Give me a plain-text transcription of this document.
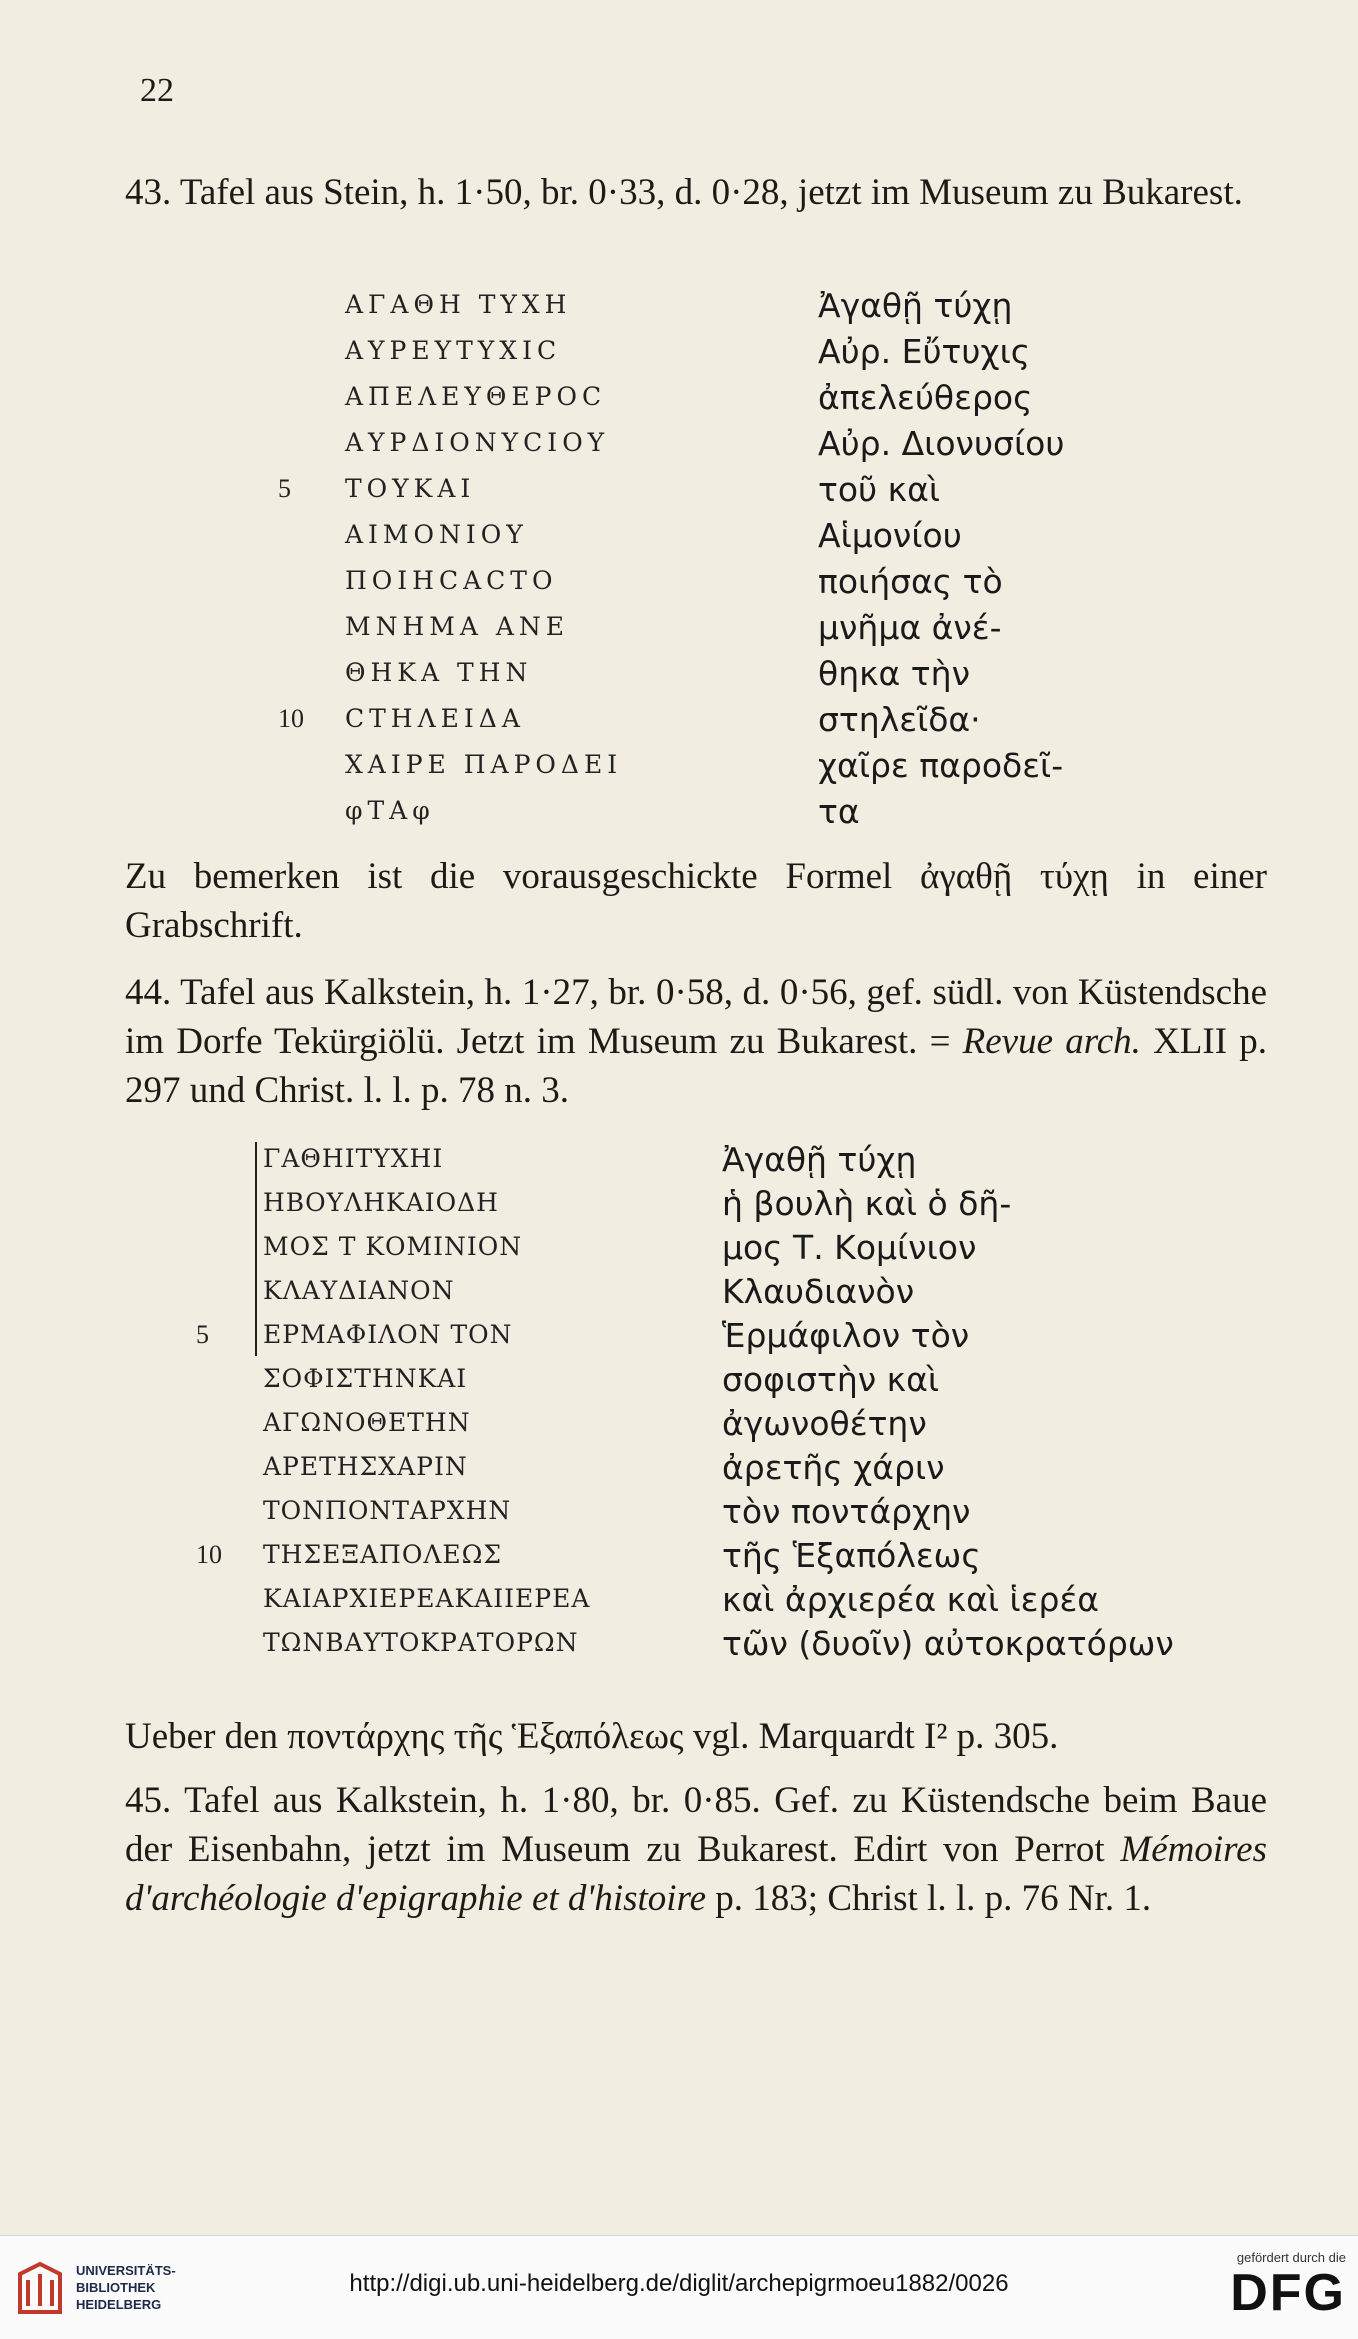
22
43. Tafel aus Stein, h. 1·50, br. 0·33, d. 0·28, jetzt im Museum zu Bukarest.
ΑΓΑΘΗ ΤΥΧΗ	Ἀγαθῇ τύχῃ
ΑΥΡΕΥΤΥΧΙϹ	Αὐρ. Εὔτυχις
ΑΠΕΛΕΥΘΕΡΟϹ	ἀπελεύθερος
ΑΥΡΔΙΟΝΥϹΙΟΥ	Αὐρ. Διονυσίου
ΤΟΥΚΑΙ	τοῦ καὶ
ΑΙΜΟΝΙΟΥ	Αἱμονίου
ΠΟΙΗϹΑϹΤΟ	ποιήσας τὸ
ΜΝΗΜΑ ΑΝΕ	μνῆμα ἀνέ-
ΘΗΚΑ ΤΗΝ	θηκα τὴν
ϹΤΗΛΕΙΔΑ	στηλεῖδα·
ΧΑΙΡΕ ΠΑΡΟΔΕΙ	χαῖρε παροδεῖ-
φΤΑφ	τα
5
10
Zu bemerken ist die vorausgeschickte Formel ἀγαθῇ τύχῃ in einer Grabschrift.
44. Tafel aus Kalkstein, h. 1·27, br. 0·58, d. 0·56, gef. südl. von Küstendsche im Dorfe Tekürgiölü. Jetzt im Museum zu Bukarest. = Revue arch. XLII p. 297 und Christ. l. l. p. 78 n. 3.
ΓΑΘΗΙΤΥΧΗΙ	Ἀγαθῇ τύχῃ
ΗΒΟΥΛΗΚΑΙΟΔΗ	ἡ βουλὴ καὶ ὁ δῆ-
ΜΟΣ Τ ΚΟΜΙΝΙΟΝ	μος Τ. Κομίνιον
ΚΛΑΥΔΙΑΝΟΝ	Κλαυδιανὸν
ΕΡΜΑΦΙΛΟΝ ΤΟΝ	Ἑρμάφιλον τὸν
ΣΟΦΙΣΤΗΝΚΑΙ	σοφιστὴν καὶ
ΑΓΩΝΟΘΕΤΗΝ	ἀγωνοθέτην
ΑΡΕΤΗΣΧΑΡΙΝ	ἀρετῆς χάριν
ΤΟΝΠΟΝΤΑΡΧΗΝ	τὸν ποντάρχην
ΤΗΣΕΞΑΠΟΛΕΩΣ	τῆς Ἑξαπόλεως
ΚΑΙΑΡΧΙΕΡΕΑΚΑΙΙΕΡΕΑ	καὶ ἀρχιερέα καὶ ἱερέα
ΤΩΝΒΑΥΤΟΚΡΑΤΟΡΩΝ	τῶν (δυοῖν) αὐτοκρατόρων
5
10
Ueber den ποντάρχης τῆς Ἑξαπόλεως vgl. Marquardt I² p. 305.
45. Tafel aus Kalkstein, h. 1·80, br. 0·85. Gef. zu Küstendsche beim Baue der Eisenbahn, jetzt im Museum zu Bukarest. Edirt von Perrot Mémoires d'archéologie d'epigraphie et d'histoire p. 183; Christ l. l. p. 76 Nr. 1.
UNIVERSITÄTS-
BIBLIOTHEK
HEIDELBERG
http://digi.ub.uni-heidelberg.de/diglit/archepigrmoeu1882/0026
gefördert durch die
DFG
